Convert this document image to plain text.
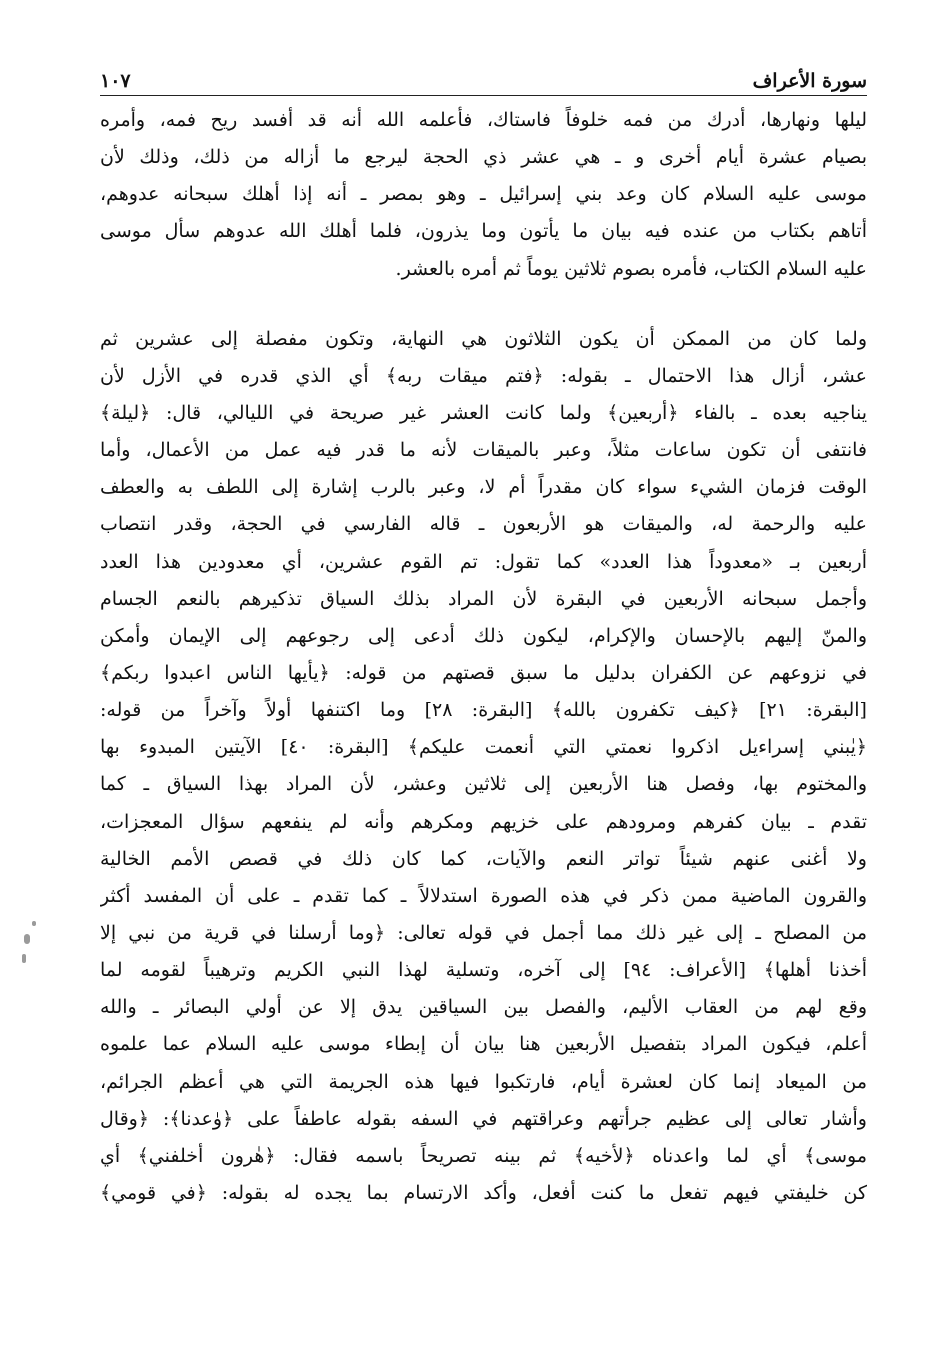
سورة الأعراف
١٠٧
ليلها ونهارها، أدرك من فمه خلوفاً فاستاك، فأعلمه الله أنه قد أفسد ريح فمه، وأمره
بصيام عشرة أيام أخرى و ـ هي عشر ذي الحجة ليرجع ما أزاله من ذلك، وذلك لأن
موسى عليه السلام كان وعد بني إسرائيل ـ وهو بمصر ـ أنه إذا أهلك سبحانه عدوهم،
أتاهم بكتاب من عنده فيه بيان ما يأتون وما يذرون، فلما أهلك الله عدوهم سأل موسى
عليه السلام الكتاب، فأمره بصوم ثلاثين يوماً ثم أمره بالعشر.
ولما كان من الممكن أن يكون الثلاثون هي النهاية، وتكون مفصلة إلى عشرين ثم
عشر، أزال هذا الاحتمال ـ بقوله: ﴿فتم ميقات ربه﴾ أي الذي قدره في الأزل لأن
يناجيه بعده ـ بالفاء ﴿أربعين﴾ ولما كانت العشر غير صريحة في الليالي، قال: ﴿ليلة﴾
فانتفى أن تكون ساعات مثلاً، وعبر بالميقات لأنه ما قدر فيه عمل من الأعمال، وأما
الوقت فزمان الشيء سواء كان مقدراً أم لا، وعبر بالرب إشارة إلى اللطف به والعطف
عليه والرحمة له، والميقات هو الأربعون ـ قاله الفارسي في الحجة، وقدر انتصاب
أربعين بـ «معدوداً هذا العدد» كما تقول: تم القوم عشرين، أي معدودين هذا العدد
وأجمل سبحانه الأربعين في البقرة لأن المراد بذلك السياق تذكيرهم بالنعم الجسام
والمنّ إليهم بالإحسان والإكرام، ليكون ذلك أدعى إلى رجوعهم إلى الإيمان وأمكن
في نزوعهم عن الكفران بدليل ما سبق قصتهم من قوله: ﴿يأيها الناس اعبدوا ربكم﴾
[البقرة: ٢١] ﴿كيف تكفرون بالله﴾ [البقرة: ٢٨] وما اكتنفها أولاً وآخراً من قوله:
﴿يٰبني إسراءيل اذكروا نعمتي التي أنعمت عليكم﴾ [البقرة: ٤٠] الآيتين المبدوء بها
والمختوم بها، وفصل هنا الأربعين إلى ثلاثين وعشر، لأن المراد بهذا السياق ـ كما
تقدم ـ بيان كفرهم ومرودهم على خزيهم ومكرهم وأنه لم ينفعهم سؤال المعجزات،
ولا أغنى عنهم شيئاً تواتر النعم والآيات، كما كان ذلك في قصص الأمم الخالية
والقرون الماضية ممن ذكر في هذه الصورة استدلالاً ـ كما تقدم ـ على أن المفسد أكثر
من المصلح ـ إلى غير ذلك مما أجمل في قوله تعالى: ﴿وما أرسلنا في قرية من نبي إلا
أخذنا أهلها﴾ [الأعراف: ٩٤] إلى آخره، وتسلية لهذا النبي الكريم وترهيباً لقومه لما
وقع لهم من العقاب الأليم، والفصل بين السياقين يدق إلا عن أولي البصائر ـ والله
أعلم، فيكون المراد بتفصيل الأربعين هنا بيان أن إبطاء موسى عليه السلام عما علموه
من الميعاد إنما كان لعشرة أيام، فارتكبوا فيها هذه الجريمة التي هي أعظم الجرائم،
وأشار تعالى إلى عظيم جرأتهم وعراقتهم في السفه بقوله عاطفاً على ﴿وٰعدنا﴾: ﴿وقال
موسى﴾ أي لما واعدناه ﴿لأخيه﴾ ثم بينه تصريحاً باسمه فقال: ﴿هٰرون أخلفني﴾ أي
كن خليفتي فيهم تفعل ما كنت أفعل، وأكد الارتسام بما يجده له بقوله: ﴿في قومي﴾
